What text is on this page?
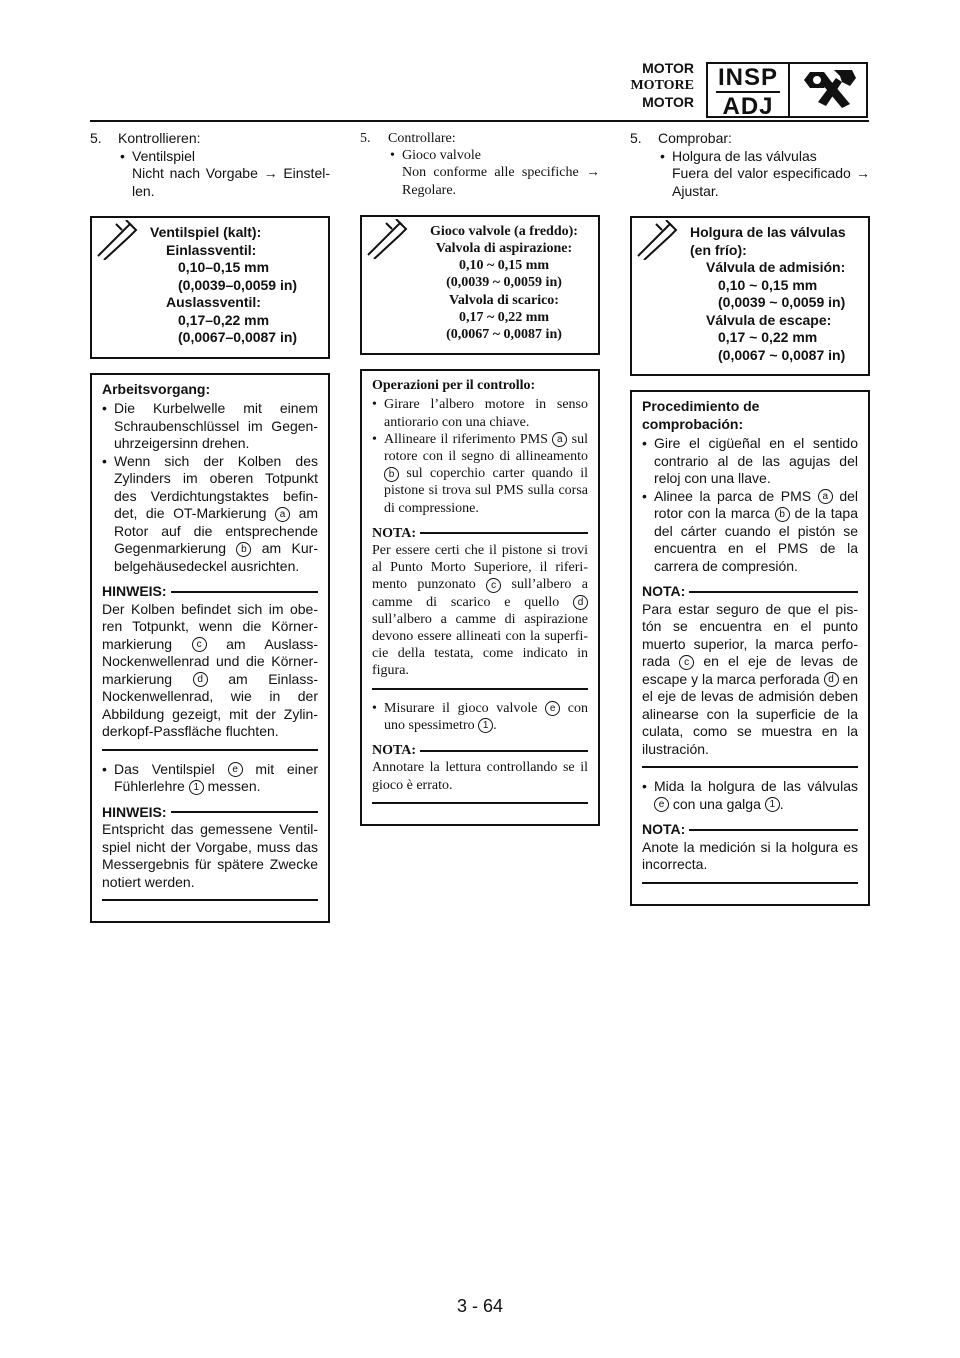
MOTOR
MOTORE
MOTOR
INSP
ADJ
5. Kontrollieren:
• Ventilspiel
Nicht nach Vorgabe → Einstel-len.
Ventilspiel (kalt):
Einlassventil:
0,10–0,15 mm
(0,0039–0,0059 in)
Auslassventil:
0,17–0,22 mm
(0,0067–0,0087 in)
Arbeitsvorgang:

• Die Kurbelwelle mit einem Schraubenschlüssel im Gegen-uhrzeigersinn drehen.

• Wenn sich der Kolben des Zylinders im oberen Totpunkt des Verdichtungstaktes befin-det, die OT-Markierung a am Rotor auf die entsprechende Gegenmarkierung b am Kur-belgehäusedeckel ausrichten.

HINWEIS:
Der Kolben befindet sich im obe-ren Totpunkt, wenn die Körner-markierung c am Auslass-Nockenwellenrad und die Körner-markierung	d am Einlass-Nockenwellenrad, wie in der Abbildung gezeigt, mit der Zylin-derkopf-Passfläche fluchten.

• Das Ventilspiel e mit einer Fühlerlehre 1 messen.

HINWEIS:
Entspricht das gemessene Ventil-spiel nicht der Vorgabe, muss das Messergebnis für spätere Zwecke notiert werden.
5. Controllare:
• Gioco valvole
Non conforme alle specifiche → Regolare.
Gioco valvole (a freddo):
Valvola di aspirazione:
0,10 ~ 0,15 mm
(0,0039 ~ 0,0059 in)
Valvola di scarico:
0,17 ~ 0,22 mm
(0,0067 ~ 0,0087 in)
Operazioni per il controllo:

• Girare l’albero motore in senso antiorario con una chiave.

• Allineare il riferimento PMS a sul rotore con il segno di allineamento b sul coperchio carter quando il pistone si trova sul PMS sulla corsa di compressione.

NOTA:
Per essere certi che il pistone si trovi al Punto Morto Superiore, il riferi-mento punzonato c sull’albero a camme di scarico e quello d sull’albero a camme di aspirazione devono essere allineati con la superfi-cie della testata, come indicato in figura.

• Misurare il gioco valvole e con uno spessimetro 1 .

NOTA:
Annotare la lettura controllando se il gioco è errato.
5. Comprobar:
• Holgura de las válvulas
Fuera del valor especificado → Ajustar.
Holgura de las válvulas (en frío):
Válvula de admisión:
0,10 ~ 0,15 mm
(0,0039 ~ 0,0059 in)
Válvula de escape:
0,17 ~ 0,22 mm
(0,0067 ~ 0,0087 in)
Procedimiento de comprobación:

• Gire el cigüeñal en el sentido contrario al de las agujas del reloj con una llave.

• Alinee la parca de PMS a del rotor con la marca b de la tapa del cárter cuando el pistón se encuentra en el PMS de la carrera de compresión.

NOTA:
Para estar seguro de que el pis-tón se encuentra en el punto muerto superior, la marca perfo-rada c en el eje de levas de escape y la marca perforada d en el eje de levas de admisión deben alinearse con la superficie de la culata, como se muestra en la ilustración.

• Mida la holgura de las válvulas e con una galga 1 .

NOTA:
Anote la medición si la holgura es incorrecta.
3 - 64
